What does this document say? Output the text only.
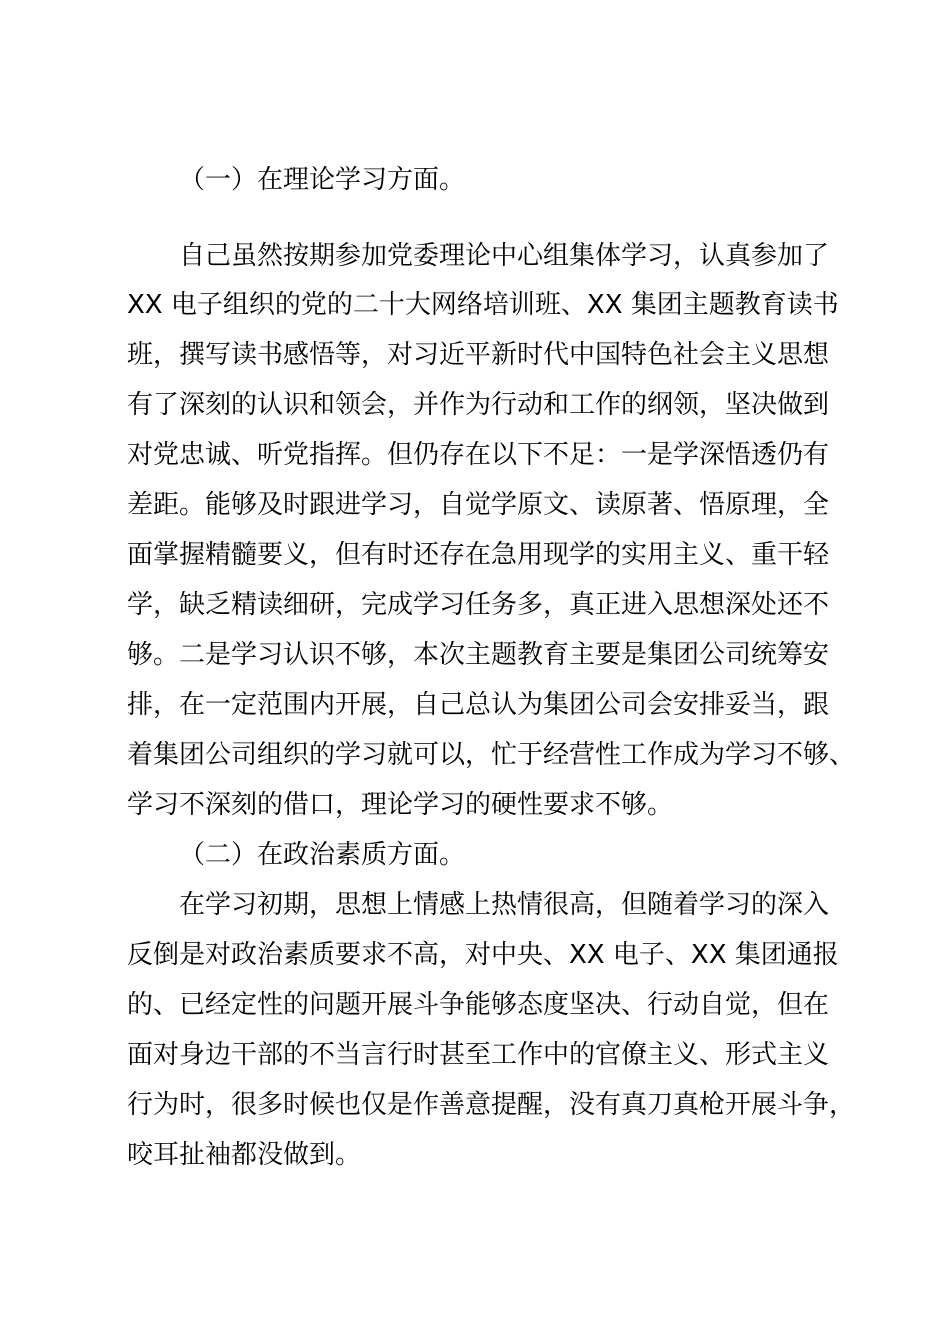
（一）在理论学习方面。
自己虽然按期参加党委理论中心组集体学习，认真参加了
XX 电子组织的党的二十大网络培训班、XX 集团主题教育读书
班，撰写读书感悟等，对习近平新时代中国特色社会主义思想
有了深刻的认识和领会，并作为行动和工作的纲领，坚决做到
对党忠诚、听党指挥。但仍存在以下不足：一是学深悟透仍有
差距。能够及时跟进学习，自觉学原文、读原著、悟原理，全
面掌握精髓要义，但有时还存在急用现学的实用主义、重干轻
学，缺乏精读细研，完成学习任务多，真正进入思想深处还不
够。二是学习认识不够，本次主题教育主要是集团公司统筹安
排，在一定范围内开展，自己总认为集团公司会安排妥当，跟
着集团公司组织的学习就可以，忙于经营性工作成为学习不够、
学习不深刻的借口，理论学习的硬性要求不够。
（二）在政治素质方面。
在学习初期，思想上情感上热情很高，但随着学习的深入
反倒是对政治素质要求不高，对中央、XX 电子、XX 集团通报
的、已经定性的问题开展斗争能够态度坚决、行动自觉，但在
面对身边干部的不当言行时甚至工作中的官僚主义、形式主义
行为时，很多时候也仅是作善意提醒，没有真刀真枪开展斗争，
咬耳扯袖都没做到。
